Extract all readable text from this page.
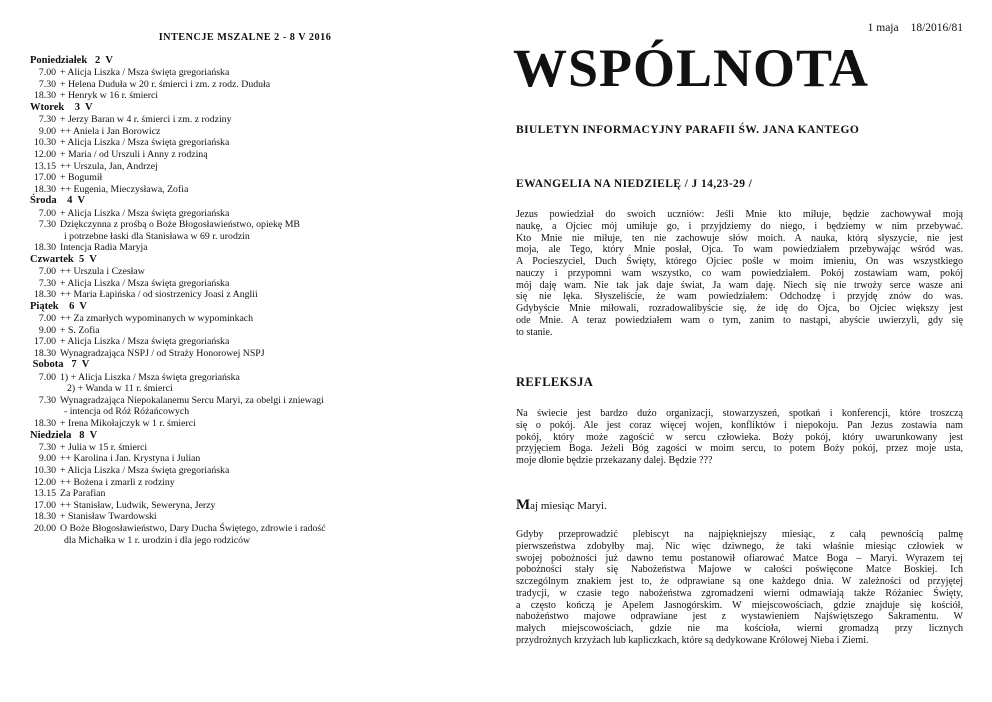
INTENCJE MSZALNE 2 - 8 V 2016
Poniedziałek   2  V
7.00 + Alicja Liszka / Msza święta gregoriańska
7.30 + Helena Duduła w 20 r. śmierci i zm. z rodz. Duduła
18.30 + Henryk w 16 r. śmierci
Wtorek    3  V
7.30 + Jerzy Baran w 4 r. śmierci i zm. z rodziny
9.00 ++ Aniela i Jan Borowicz
10.30 + Alicja Liszka / Msza święta gregoriańska
12.00 + Maria / od Urszuli i Anny z rodziną
13.15 ++ Urszula, Jan, Andrzej
17.00 + Bogumił
18.30 ++ Eugenia, Mieczysława, Zofia
Środa    4  V
7.00 + Alicja Liszka / Msza święta gregoriańska
7.30 Dziękczynna z prośbą o Boże Błogosławieństwo, opiekę MB
i potrzebne łaski dla Stanisława w 69 r. urodzin
18.30 Intencja Radia Maryja
Czwartek  5  V
7.00 ++ Urszula i Czesław
7.30 + Alicja Liszka / Msza święta gregoriańska
18.30 ++ Maria Łapińska / od siostrzenicy Joasi z Anglii
Piątek    6  V
7.00 ++ Za zmarłych wypominanych w wypominkach
9.00 + S. Zofia
17.00 + Alicja Liszka / Msza święta gregoriańska
18.30 Wynagradzająca NSPJ / od Straży Honorowej NSPJ
Sobota   7  V
7.00 1) + Alicja Liszka / Msza święta gregoriańska
2) + Wanda w 11 r. śmierci
7.30 Wynagradzająca Niepokalanemu Sercu Maryi, za obelgi i zniewagi
- intencja od Róż Różańcowych
18.30 + Irena Mikołajczyk w 1 r. śmierci
Niedziela   8  V
7.30 + Julia w 15 r. śmierci
9.00 ++ Karolina i Jan. Krystyna i Julian
10.30 + Alicja Liszka / Msza święta gregoriańska
12.00 ++ Bożena i zmarli z rodziny
13.15 Za Parafian
17.00 ++ Stanisław, Ludwik, Seweryna, Jerzy
18.30 + Stanisław Twardowski
20.00 O Boże Błogosławieństwo, Dary Ducha Świętego, zdrowie i radość
dla Michałka w 1 r. urodzin i dla jego rodziców
1 maja 18/2016/81
WSPÓLNOTA
BIULETYN INFORMACYJNY PARAFII ŚW. JANA KANTEGO
EWANGELIA NA NIEDZIELĘ / J 14,23-29 /
Jezus powiedział do swoich uczniów: Jeśli Mnie kto miłuje, będzie zachowywał moją
naukę, a Ojciec mój umiłuje go, i przyjdziemy do niego, i będziemy w nim przebywać.
Kto Mnie nie miłuje, ten nie zachowuje słów moich. A nauka, którą słyszycie, nie jest
moja, ale Tego, który Mnie posłał, Ojca. To wam powiedziałem przebywając wśród was.
A Pocieszyciel, Duch Święty, którego Ojciec pośle w moim imieniu, On was wszystkiego
nauczy i przypomni wam wszystko, co wam powiedziałem. Pokój zostawiam wam, pokój
mój daję wam. Nie tak jak daje świat, Ja wam daję. Niech się nie trwoży serce wasze ani
się nie lęka. Słyszeliście, że wam powiedziałem: Odchodzę i przyjdę znów do was.
Gdybyście Mnie miłowali, rozradowalibyście się, że idę do Ojca, bo Ojciec większy jest
ode Mnie. A teraz powiedziałem wam o tym, zanim to nastąpi, abyście uwierzyli, gdy się
to stanie.
REFLEKSJA
Na świecie jest bardzo dużo organizacji, stowarzyszeń, spotkań i konferencji, które troszczą
się o pokój. Ale jest coraz więcej wojen, konfliktów i niepokoju. Pan Jezus zostawia nam
pokój, który może zagościć w sercu człowieka. Boży pokój, który uwarunkowany jest
przyjęciem Boga. Jeżeli Bóg zagości w moim sercu, to potem Boży pokój, przez moje usta,
moje dłonie będzie przekazany dalej. Będzie ???
Maj miesiąc Maryi.
Gdyby przeprowadzić plebiscyt na najpiękniejszy miesiąc, z całą pewnością palmę
pierwszeństwa zdobyłby maj. Nic więc dziwnego, że taki właśnie miesiąc człowiek w
swojej pobożności już dawno temu postanowił ofiarować Matce Boga – Maryi. Wyrazem tej
pobożności stały się Nabożeństwa Majowe w całości poświęcone Matce Boskiej. Ich
szczególnym znakiem jest to, że odprawiane są one każdego dnia. W zależności od przyjętej
tradycji, w czasie tego nabożeństwa zgromadzeni wierni odmawiają także Różaniec Święty,
a często kończą je Apelem Jasnogórskim. W miejscowościach, gdzie znajduje się kościół,
nabożeństwo majowe odprawiane jest z wystawieniem Najświętszego Sakramentu. W
małych miejscowościach, gdzie nie ma kościoła, wierni gromadzą przy licznych
przydrożnych krzyżach lub kapliczkach, które są dedykowane Królowej Nieba i Ziemi.
